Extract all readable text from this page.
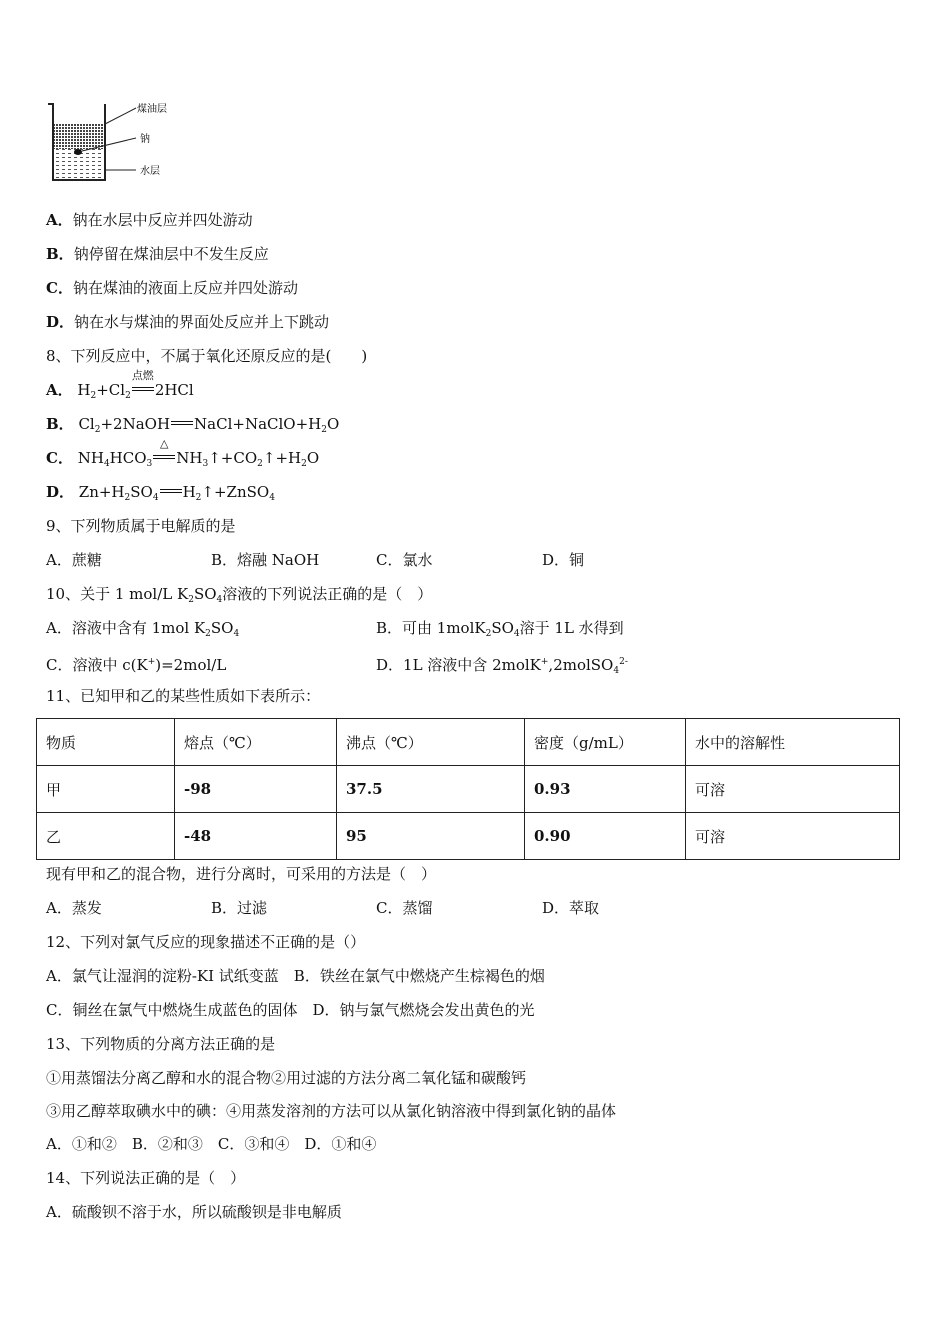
煤油层
钠
水层
A．钠在水层中反应并四处游动
B．钠停留在煤油层中不发生反应
C．钠在煤油的液面上反应并四处游动
D．钠在水与煤油的界面处反应并上下跳动
8、下列反应中，不属于氧化还原反应的是(　　)
A． $H_2+Cl_2$
点燃
2HCl
B． $Cl_2+2NaOH$ $NaCl+NaClO+H_2O$
C． $NH_4HCO_3$
△
$NH_3↑+CO_2↑+H_2O$
D． $Zn+H_2SO_4$ $H_2↑+ZnSO_4$
9、下列物质属于电解质的是
A．蔗糖	B．熔融 NaOH	C．氯水	D．铜
10、关于 1 mol/L $K_2SO_4$溶液的下列说法正确的是（　）
A．溶液中含有 1mol $K_2SO_4$	B．可由 $1molK_2SO_4$溶于 1L 水得到
C．溶液中 c(K+)=2mol/L	D．1L 溶液中含 2molK+,2molSO$_4^{2-}$
11、已知甲和乙的某些性质如下表所示：
物质	熔点（℃）	沸点（℃）	密度（g/mL）	水中的溶解性
甲	-98	37.5	0.93	可溶
乙	-48	95	0.90	可溶
现有甲和乙的混合物，进行分离时，可采用的方法是（　）
A．蒸发	B．过滤	C．蒸馏	D．萃取
12、下列对氯气反应的现象描述不正确的是（）
A．氯气让湿润的淀粉-KI 试纸变蓝　B．铁丝在氯气中燃烧产生棕褐色的烟
C．铜丝在氯气中燃烧生成蓝色的固体　D．钠与氯气燃烧会发出黄色的光
13、下列物质的分离方法正确的是
①用蒸馏法分离乙醇和水的混合物②用过滤的方法分离二氧化锰和碳酸钙
③用乙醇萃取碘水中的碘：④用蒸发溶剂的方法可以从氯化钠溶液中得到氯化钠的晶体
A．①和②　B．②和③　C．③和④　D．①和④
14、下列说法正确的是（　）
A．硫酸钡不溶于水，所以硫酸钡是非电解质
